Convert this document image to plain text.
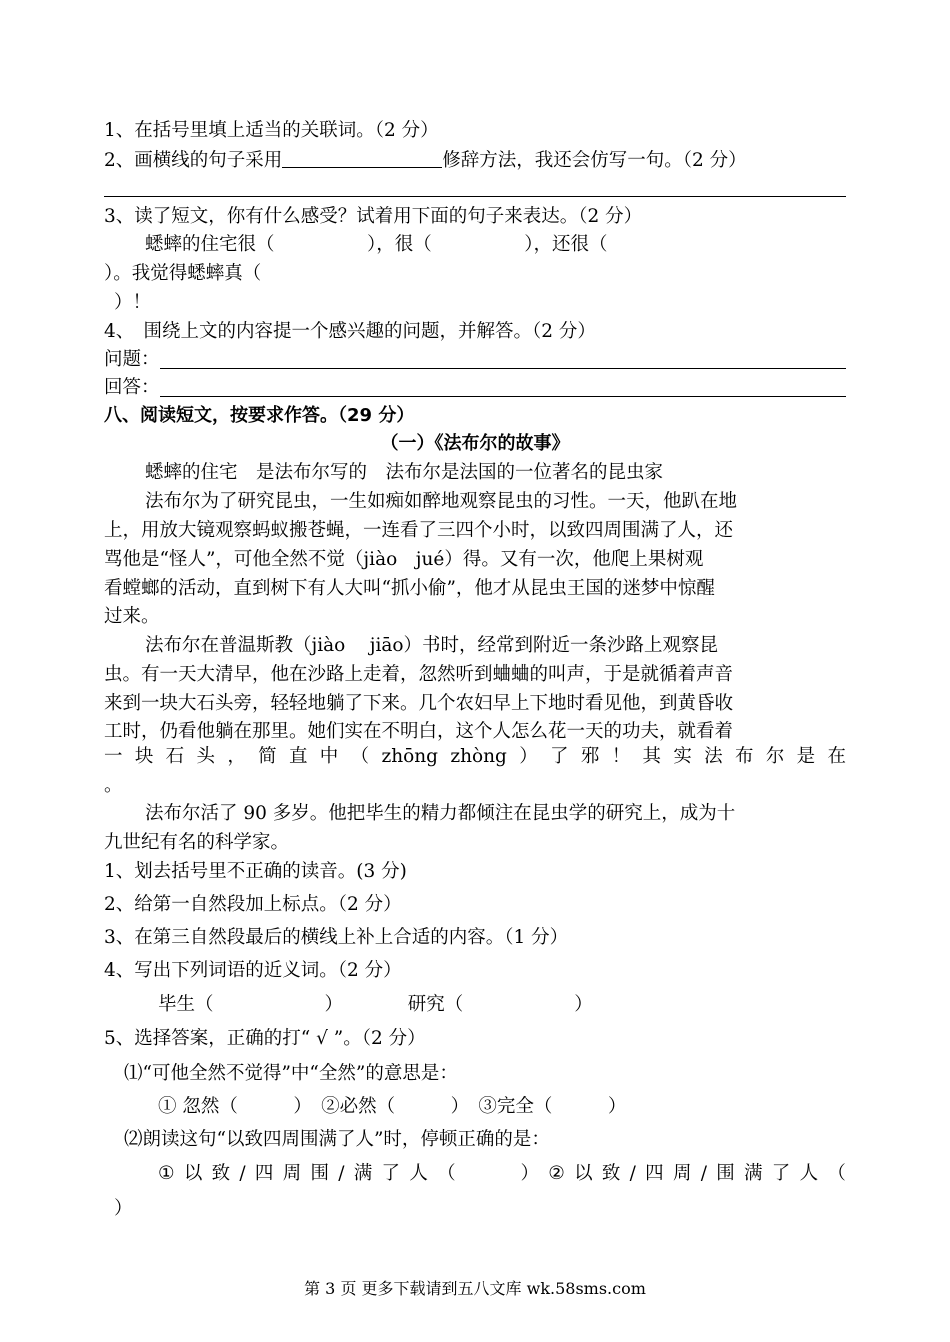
1、在括号里填上适当的关联词。（2 分）
2、画横线的句子采用	修辞方法，我还会仿写一句。（2 分）
3、读了短文，你有什么感受？试着用下面的句子来表达。（2 分）
蟋蟀的住宅很（　　　　　），很（　　　　　），还很（
）。我觉得蟋蟀真（
）！
4、　围绕上文的内容提一个感兴趣的问题，并解答。（2 分）
问题：
回答：
八、阅读短文，按要求作答。（29 分）
（一）《法布尔的故事》
蟋蟀的住宅　是法布尔写的　法布尔是法国的一位著名的昆虫家
法布尔为了研究昆虫，一生如痴如醉地观察昆虫的习性。一天，他趴在地
上，用放大镜观察蚂蚁搬苍蝇，一连看了三四个小时，以致四周围满了人，还
骂他是“怪人”，可他全然不觉（jiào　jué）得。又有一次，他爬上果树观
看螳螂的活动，直到树下有人大叫“抓小偷”，他才从昆虫王国的迷梦中惊醒
过来。
法布尔在普温斯教（jiào　 jiāo）书时，经常到附近一条沙路上观察昆
虫。有一天大清早，他在沙路上走着，忽然听到蛐蛐的叫声，于是就循着声音
来到一块大石头旁，轻轻地躺了下来。几个农妇早上下地时看见他，到黄昏收
工时，仍看他躺在那里。她们实在不明白，这个人怎么花一天的功夫，就看着
一 块 石 头 ， 简 直 中 （ zhōng zhòng ） 了 邪 ！ 其 实 法 布 尔 是 在
。
法布尔活了 90 多岁。他把毕生的精力都倾注在昆虫学的研究上，成为十
九世纪有名的科学家。
1、划去括号里不正确的读音。(3 分)
2、给第一自然段加上标点。（2 分）
3、在第三自然段最后的横线上补上合适的内容。（1 分）
4、写出下列词语的近义词。（2 分）
毕生（　　　　　　）　　　　研究（　　　　　　）
5、选择答案，正确的打“ √ ”。（2 分）
⑴“可他全然不觉得”中“全然”的意思是：
① 忽然（　　　）　②必然（　　　）　③完全（　　　）
⑵朗读这句“以致四周围满了人”时，停顿正确的是：
① 以 致 / 四 周 围 / 满 了 人 （

　	） ② 以 致 / 四 周 / 围 满 了 人 （
）
第 3 页 更多下载请到五八文库 wk.58sms.com
